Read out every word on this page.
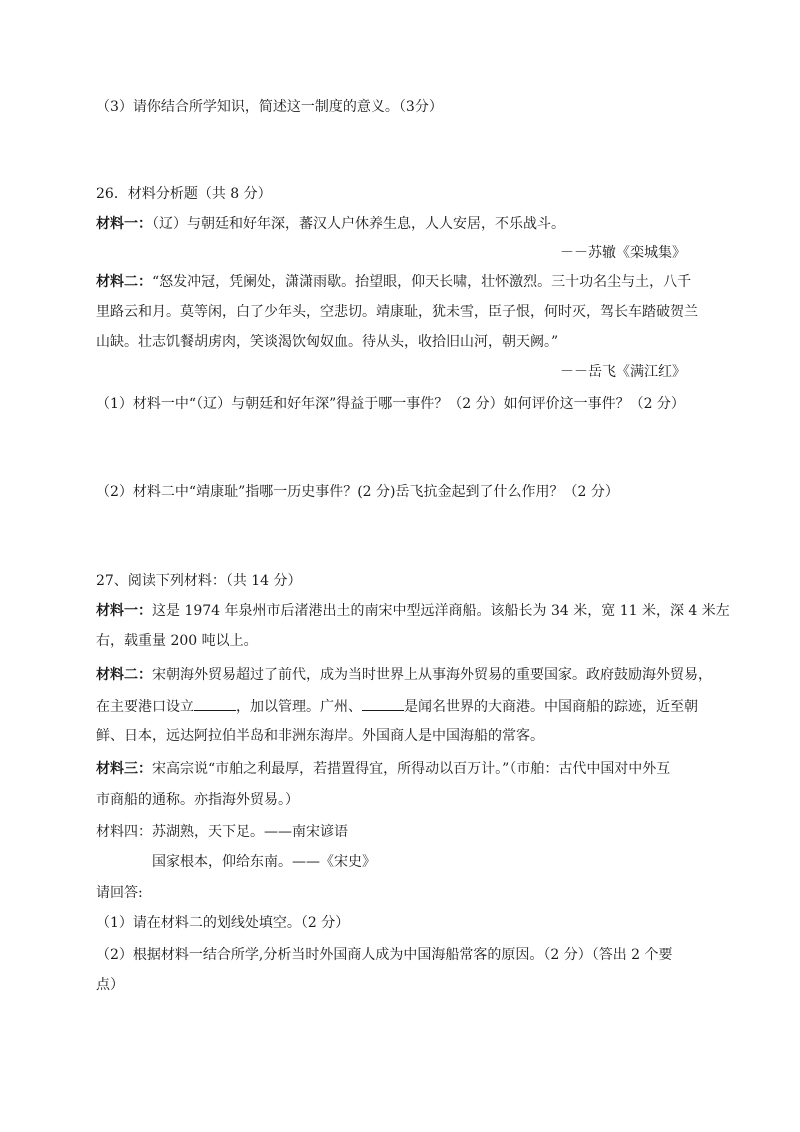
（3）请你结合所学知识，简述这一制度的意义。（3分）
26．材料分析题（共 8 分）
材料一：（辽）与朝廷和好年深，蕃汉人户休养生息，人人安居，不乐战斗。
－－苏辙《栾城集》
材料二：“怒发冲冠，凭阑处，潇潇雨歇。抬望眼，仰天长啸，壮怀激烈。三十功名尘与土，八千
里路云和月。莫等闲，白了少年头，空悲切。靖康耻，犹未雪，臣子恨，何时灭，驾长车踏破贺兰
山缺。壮志饥餐胡虏肉，笑谈渴饮匈奴血。待从头，收拾旧山河，朝天阙。”
－－岳飞《满江红》
（1）材料一中“（辽）与朝廷和好年深”得益于哪一事件？（2 分）如何评价这一事件？（2 分）
（2）材料二中“靖康耻”指哪一历史事件？(2 分)岳飞抗金起到了什么作用？（2 分）
27、阅读下列材料：（共 14 分）
材料一：这是 1974 年泉州市后渚港出土的南宋中型远洋商船。该船长为 34 米，宽 11 米，深 4 米左
右，载重量 200 吨以上。
材料二：宋朝海外贸易超过了前代，成为当时世界上从事海外贸易的重要国家。政府鼓励海外贸易，
在主要港口设立	，加以管理。广州、	是闻名世界的大商港。中国商船的踪迹，近至朝
鲜、日本，远达阿拉伯半岛和非洲东海岸。外国商人是中国海船的常客。
材料三：宋高宗说“市舶之利最厚，若措置得宜，所得动以百万计。”（市舶：古代中国对中外互
市商船的通称。亦指海外贸易。）
材料四：苏湖熟，天下足。——南宋谚语
国家根本，仰给东南。——《宋史》
请回答:
（1）请在材料二的划线处填空。（2 分）
（2）根据材料一结合所学,分析当时外国商人成为中国海船常客的原因。（2 分）（答出 2 个要
点）
